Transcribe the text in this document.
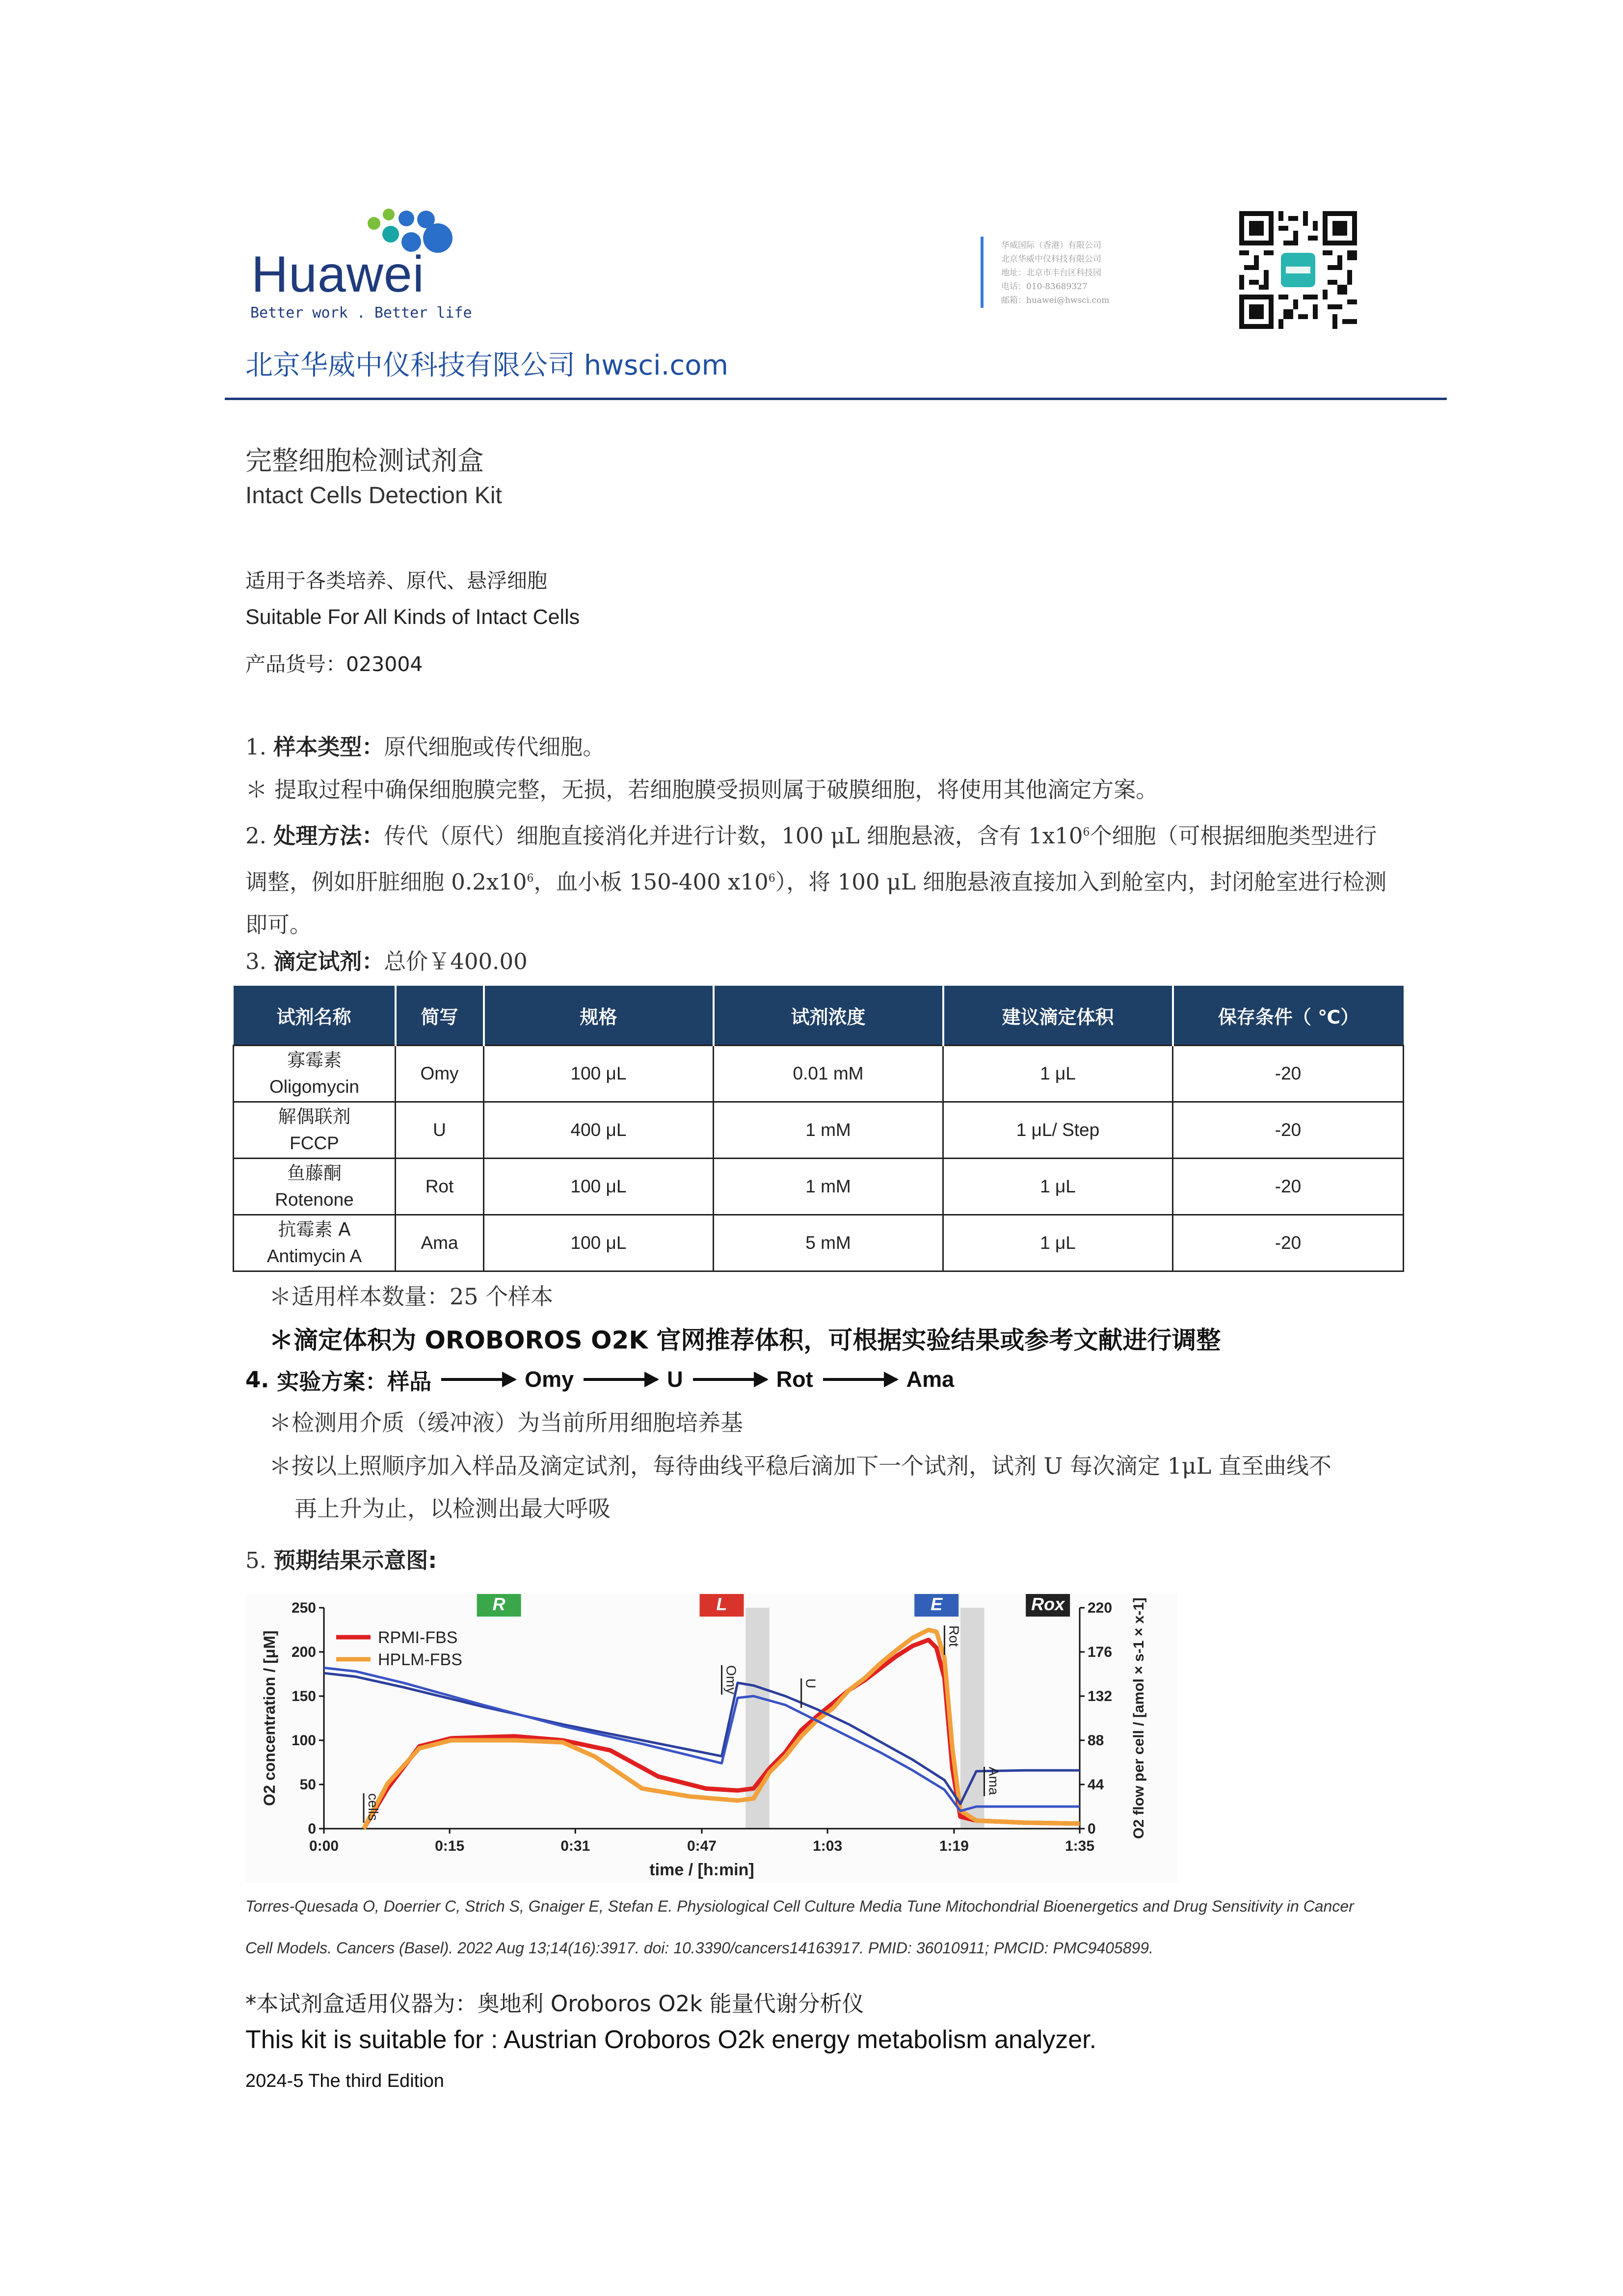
Huawei
Better work . Better life
北京华威中仪科技有限公司 hwsci.com
华威国际（香港）有限公司
北京华威中仪科技有限公司
地址：北京市丰台区科技园
电话：010-83689327
邮箱：huawei@hwsci.com
完整细胞检测试剂盒
Intact Cells Detection Kit
适用于各类培养、原代、悬浮细胞
Suitable For All Kinds of Intact Cells
产品货号：023004
1. 样本类型：原代细胞或传代细胞。
＊ 提取过程中确保细胞膜完整，无损，若细胞膜受损则属于破膜细胞，将使用其他滴定方案。
2. 处理方法：传代（原代）细胞直接消化并进行计数，100 μL 细胞悬液，含有 $1x10^6$个细胞（可根据细胞类型进行调整，例如肝脏细胞 $0.2x10^6$，血小板 150-400 $x10^6$），将 100 μL 细胞悬液直接加入到舱室内，封闭舱室进行检测即可。
3. 滴定试剂：总价￥400.00
试剂名称	简写	规格	试剂浓度	建议滴定体积	保存条件（ ℃）
寡霉素
Oligomycin	Omy	100 μL	0.01 mM	1 μL	-20
解偶联剂
FCCP	U	400 μL	1 mM	1 μL/ Step	-20
鱼藤酮
Rotenone	Rot	100 μL	1 mM	1 μL	-20
抗霉素 A
Antimycin A	Ama	100 μL	5 mM	1 μL	-20
＊适用样本数量：25 个样本
＊滴定体积为 OROBOROS O2K 官网推荐体积，可根据实验结果或参考文献进行调整
4.
实验方案： 样品	Omy	U	Rot	Ama
＊检测用介质（缓冲液）为当前所用细胞培养基
＊按以上照顺序加入样品及滴定试剂，每待曲线平稳后滴加下一个试剂，试剂 U 每次滴定 1μL 直至曲线不
再上升为止，以检测出最大呼吸
5. 预期结果示意图:
0:00	0:15	0:31	0:47	1:03	1:19	1:35
0
50
100
150
200
250
0
44
88
132
176
220
time / [h:min]
O2 concentration / [μM]	O2 flow per cell / [amol × s-1 × x-1]
R	L	E	Rox
RPMI-FBS
HPLM-FBS
cells
Omy	U
Rot
Ama
Torres-Quesada O, Doerrier C, Strich S, Gnaiger E, Stefan E. Physiological Cell Culture Media Tune Mitochondrial Bioenergetics and Drug Sensitivity in Cancer
Cell Models. Cancers (Basel). 2022 Aug 13;14(16):3917. doi: 10.3390/cancers14163917. PMID: 36010911; PMCID: PMC9405899.
*本试剂盒适用仪器为：奥地利 Oroboros O2k 能量代谢分析仪
This kit is suitable for : Austrian Oroboros O2k energy metabolism analyzer.
2024-5 The third Edition
